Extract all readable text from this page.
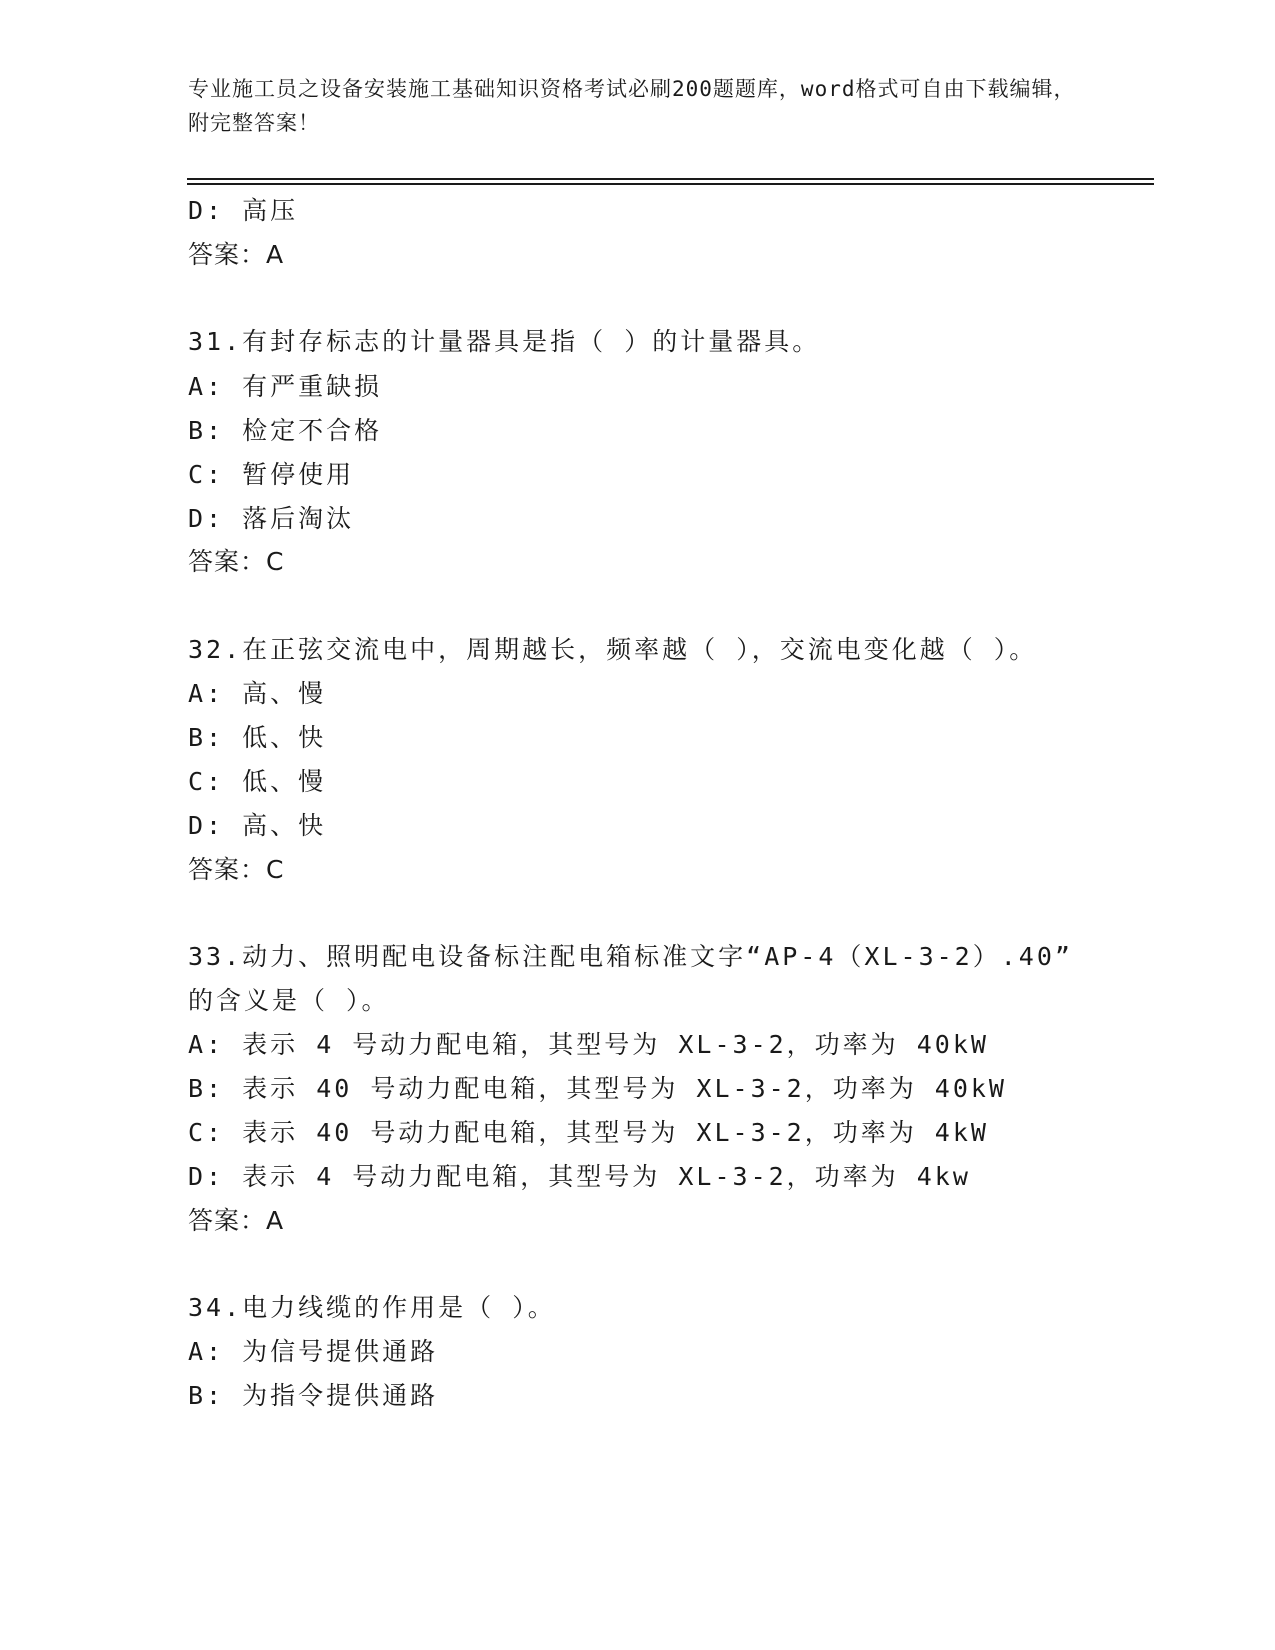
专业施工员之设备安装施工基础知识资格考试必刷200题题库，word格式可自由下载编辑，附完整答案！
D: 高压
答案：A
31.有封存标志的计量器具是指（ ）的计量器具。
A: 有严重缺损
B: 检定不合格
C: 暂停使用
D: 落后淘汰
答案：C
32.在正弦交流电中，周期越长，频率越（ ），交流电变化越（ ）。
A: 高、慢
B: 低、快
C: 低、慢
D: 高、快
答案：C
33.动力、照明配电设备标注配电箱标准文字“AP-4（XL-3-2）.40”
的含义是（ ）。
A: 表示 4 号动力配电箱，其型号为 XL-3-2，功率为 40kW
B: 表示 40 号动力配电箱，其型号为 XL-3-2，功率为 40kW
C: 表示 40 号动力配电箱，其型号为 XL-3-2，功率为 4kW
D: 表示 4 号动力配电箱，其型号为 XL-3-2，功率为 4kw
答案：A
34.电力线缆的作用是（ ）。
A: 为信号提供通路
B: 为指令提供通路
